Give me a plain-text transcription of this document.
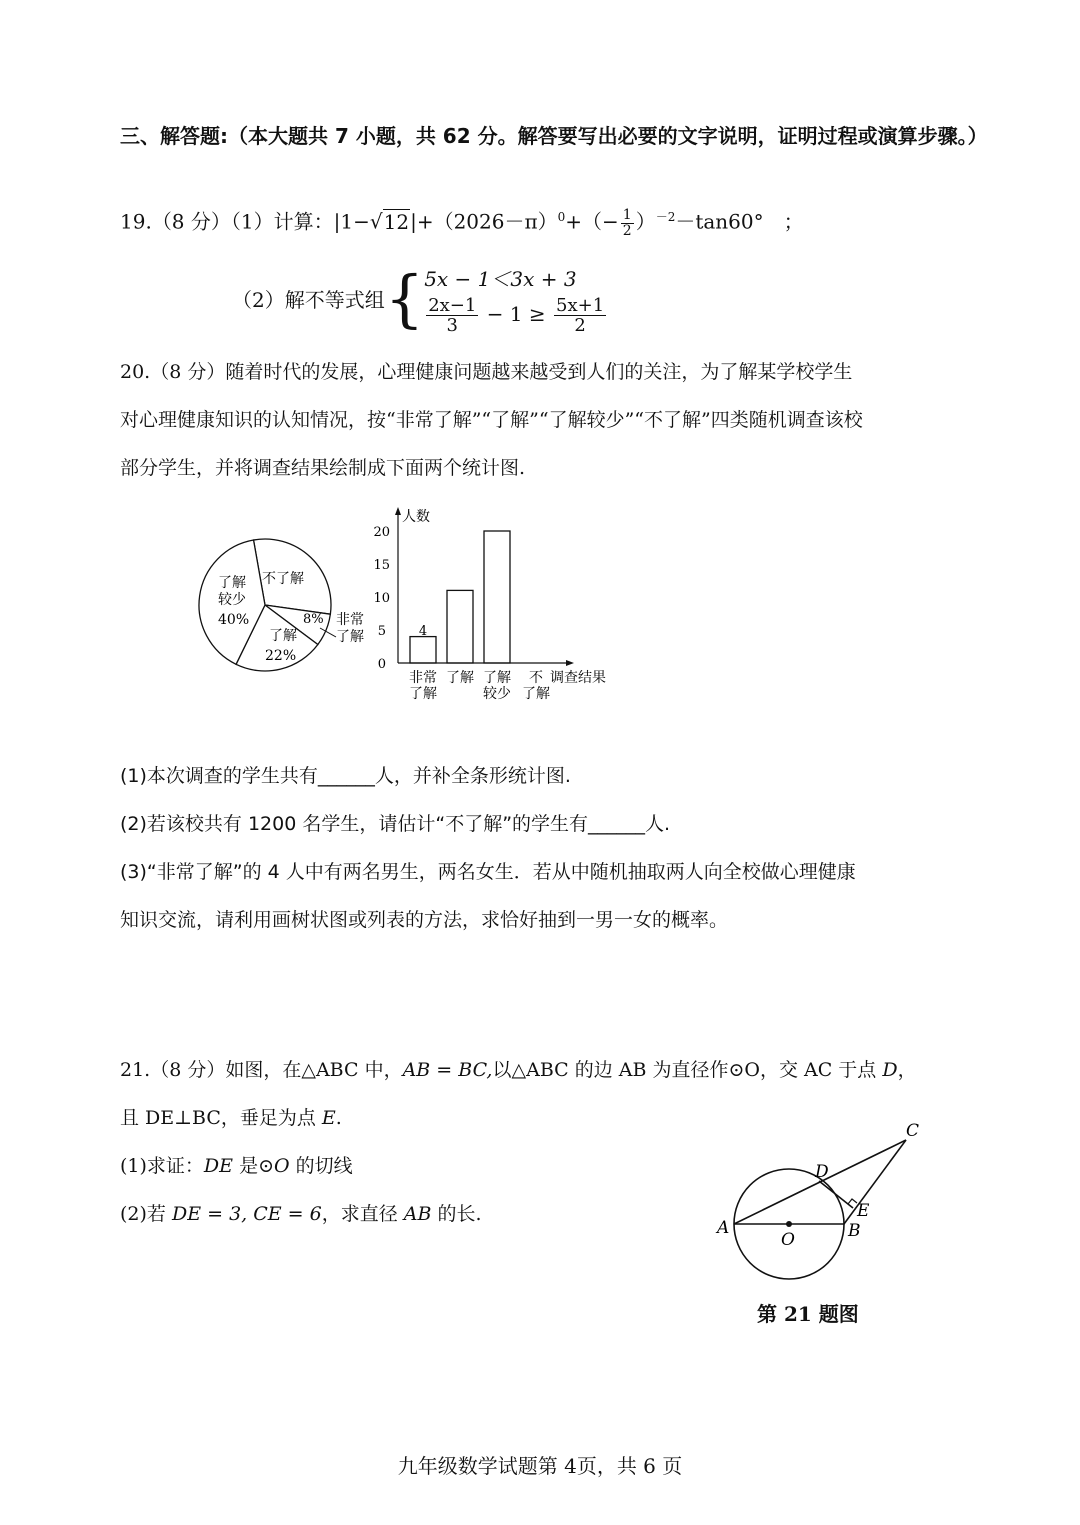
三、解答题:（本大题共 7 小题，共 62 分。解答要写出必要的文字说明，证明过程或演算步骤。）
19.（8 分）（1）计算：$|1-√12|+(2026-\pi)^0+(- \frac{1}{2} )^{-2}-\tan 60^\circ$　；
（2）解不等式组 { 5x − 1＜3x + 3
$\frac{2x-1}{3} - 1 \ge \frac{5x+1}{2}$
20.（8 分）随着时代的发展，心理健康问题越来越受到人们的关注，为了解某学校学生
对心理健康知识的认知情况，按“非常了解”“了解”“了解较少”“不了解”四类随机调查该校
部分学生，并将调查结果绘制成下面两个统计图.
不了解
了解
较少
40%
了解
22%
8% 非常
了解
人数
调查结果
0
5
10
15
20
非常
了解
了解 了解
较少
不
了解
4
(1)本次调查的学生共有______人，并补全条形统计图.
(2)若该校共有 1200 名学生，请估计“不了解”的学生有______人.
(3)“非常了解”的 4 人中有两名男生，两名女生．若从中随机抽取两人向全校做心理健康
知识交流，请利用画树状图或列表的方法，求恰好抽到一男一女的概率。
21.（8 分）如图，在△ABC 中，AB = BC,以△ABC 的边 AB 为直径作⊙O，交 AC 于点 D，
且 DE⊥BC，垂足为点 E.
(1)求证：DE 是⊙O 的切线
(2)若 DE = 3, CE = 6，求直径 AB 的长.
A
O	B
C
D
E
第 21 题图
九年级数学试题第 4页，共 6 页
